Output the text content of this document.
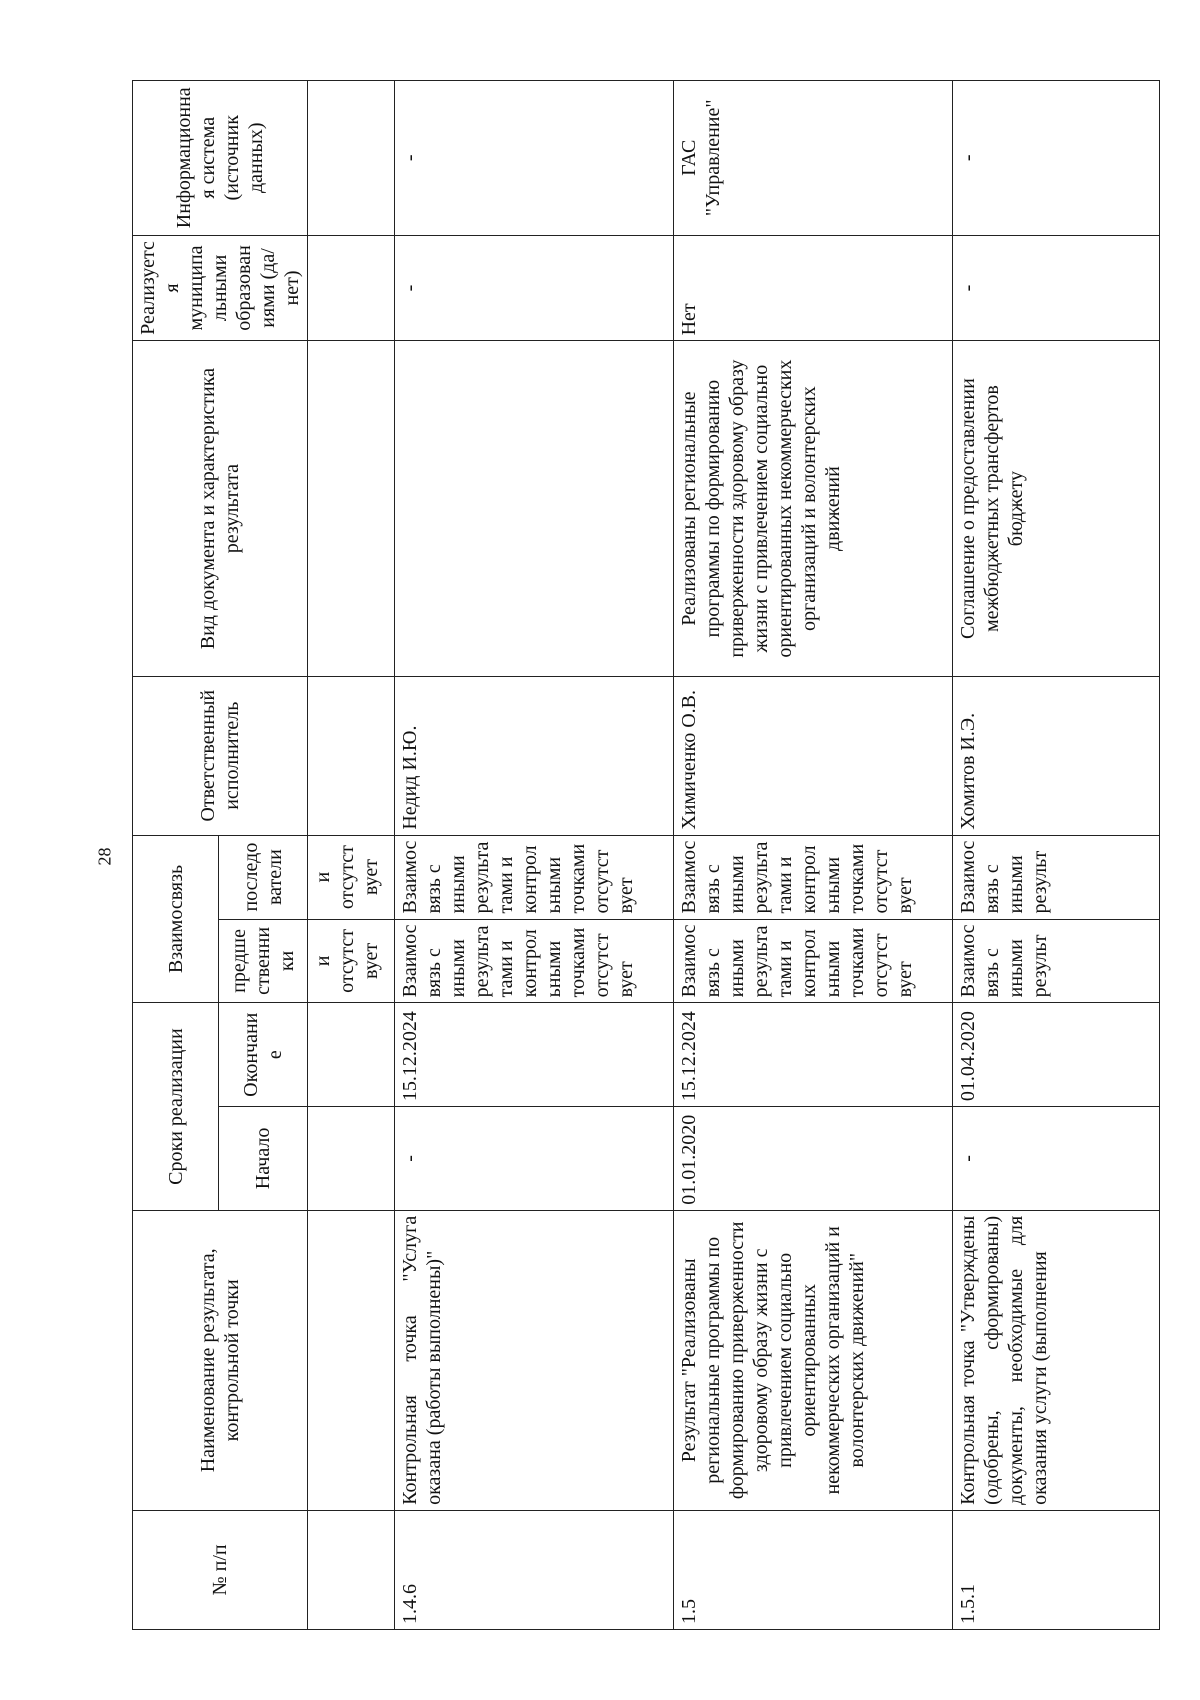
28
№ п/п	Наименование результата, контрольной точки	Сроки реализации		Взаимосвязь		Ответственный исполнитель	Вид документа и характеристика результата	Реализуется муниципальными образованиями (да/нет)	Информационная система (источник данных)
		Начало	Окончание	предшественники	последователи				
				и отсутствует	и отсутствует				
1.4.6	Контрольная точка "Услуга оказана (работы выполнены)"	-	15.12.2024	Взаимосвязь с иными результатами и контрольными точками отсутствует	Взаимосвязь с иными результатами и контрольными точками отсутствует	Недид И.Ю.		-	-
1.5	Результат "Реализованы региональные программы по формированию приверженности здоровому образу жизни с привлечением социально ориентированных некоммерческих организаций и волонтерских движений"	01.01.2020	15.12.2024	Взаимосвязь с иными результатами и контрольными точками отсутствует	Взаимосвязь с иными результатами и контрольными точками отсутствует	Химиченко О.В.	Реализованы региональные программы по формированию приверженности здоровому образу жизни с привлечением социально ориентированных некоммерческих организаций и волонтерских движений	Нет	ГАС "Управление"
1.5.1	Контрольная точка "Утверждены (одобрены, сформированы) документы, необходимые для оказания услуги (выполнения	-	01.04.2020	Взаимосвязь с иными результ	Взаимосвязь с иными результ	Хомитов И.Э.	Соглашение о предоставлении межбюджетных трансфертов бюджету	-	-
